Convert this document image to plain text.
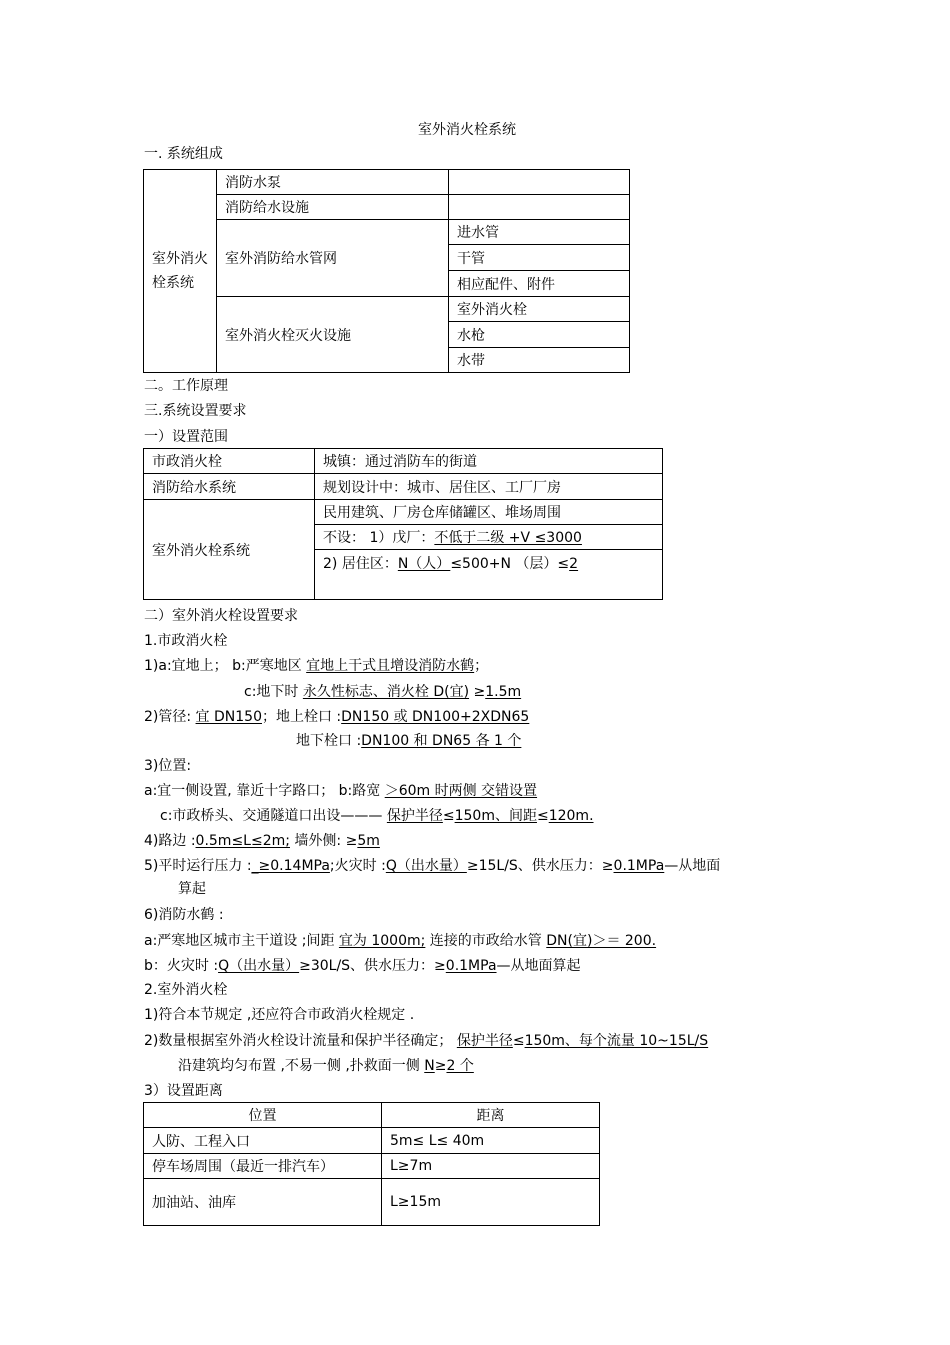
室外消火栓系统
一. 系统组成
室外消火栓系统	消防水泵	
	消防给水设施	
	室外消防给水管网	进水管
		干管
		相应配件、附件
	室外消火栓灭火设施	室外消火栓
		水枪
		水带
二。工作原理
三.系统设置要求
一）设置范围
市政消火栓	城镇：通过消防车的街道
消防给水系统	规划设计中：城市、居住区、工厂厂房
室外消火栓系统	民用建筑、厂房仓库储罐区、堆场周围
	不设： 1）戊厂：不低于二级 +V ≤3000
	2) 居住区：N（人）≤500+N （层）≤2
二）室外消火栓设置要求
1.市政消火栓
1)a:宜地上； b:严寒地区 宜地上干式且增设消防水鹤；
c:地下时 永久性标志、消火栓 D(宜) ≥1.5m
2)管径: 宜 DN150；地上栓口 :DN150 或 DN100+2XDN65
地下栓口 :DN100 和 DN65 各 1 个
3)位置:
a:宜一侧设置, 靠近十字路口； b:路宽 ＞60m 时两侧 交错设置
c:市政桥头、交通隧道口出设——— 保护半径≤150m、间距≤120m.
4)路边 :0.5m≤L≤2m; 墙外侧: ≥5m
5)平时运行压力 :_≥0.14MPa;火灾时 :Q（出水量）≥15L/S、供水压力：≥0.1MPa—从地面
算起
6)消防水鹤 :
a:严寒地区城市主干道设 ;间距 宜为 1000m; 连接的市政给水管 DN(宜)＞＝ 200.
b：火灾时 :Q（出水量）≥30L/S、供水压力：≥0.1MPa—从地面算起
2.室外消火栓
1)符合本节规定 ,还应符合市政消火栓规定 .
2)数量根据室外消火栓设计流量和保护半径确定； 保护半径≤150m、每个流量 10~15L/S
沿建筑均匀布置 ,不易一侧 ,扑救面一侧 N≥2 个
3）设置距离
位置	距离
人防、工程入口	5m≤ L≤ 40m
停车场周围（最近一排汽车）	L≥7m
加油站、油库	L≥15m
